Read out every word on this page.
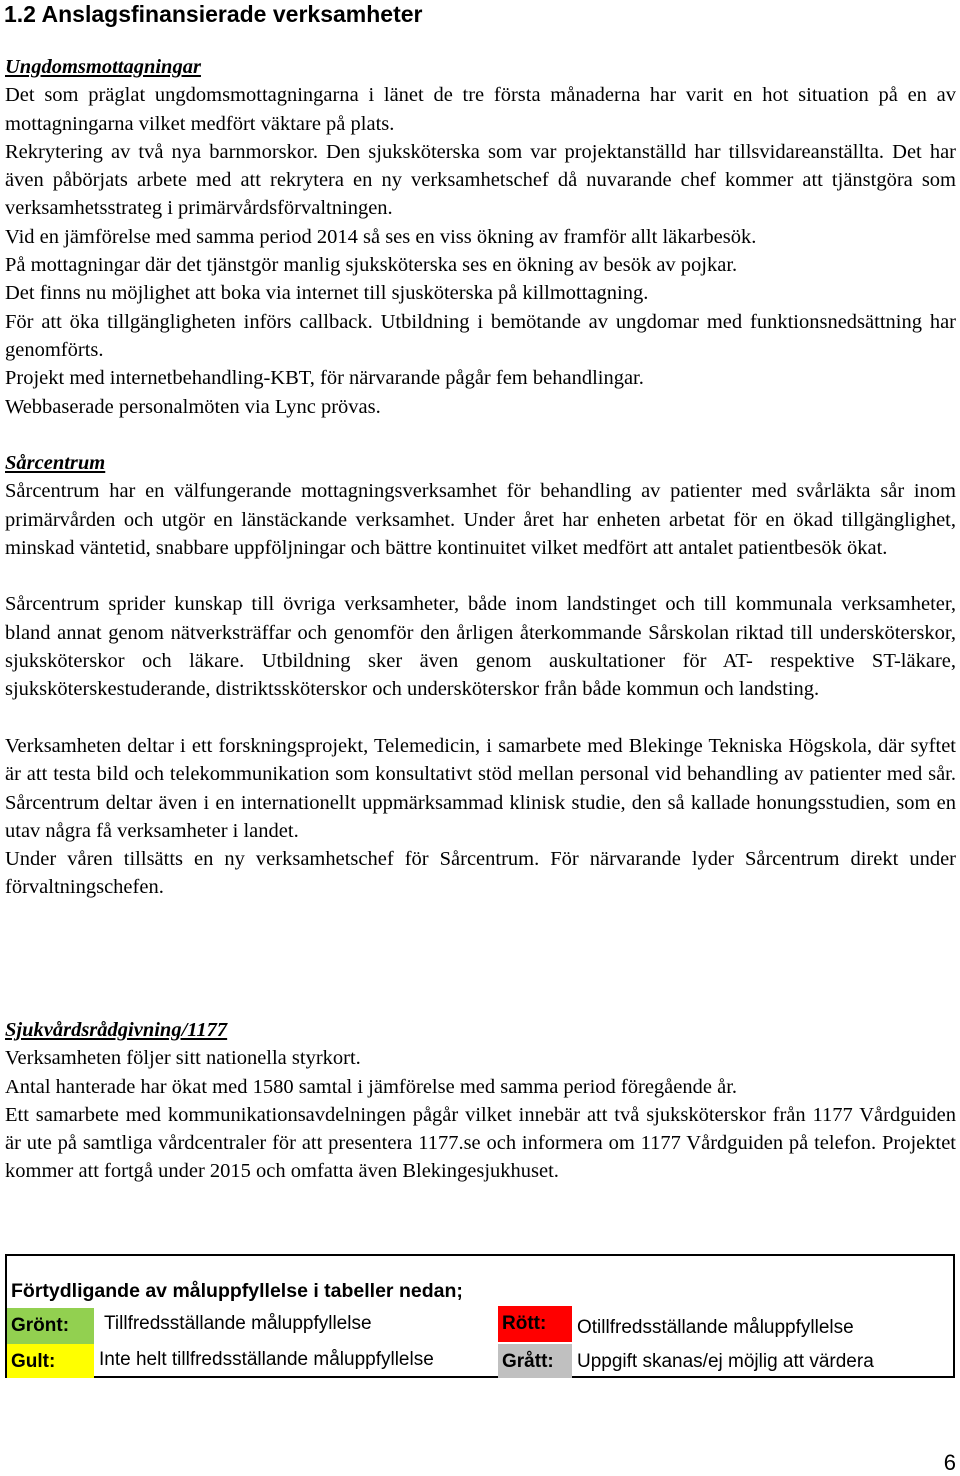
1.2 Anslagsfinansierade verksamheter
Ungdomsmottagningar

Det som präglat ungdomsmottagningarna i länet de tre första månaderna har varit en hot situation på en av mottagningarna vilket medfört väktare på plats.

Rekrytering av två nya barnmorskor. Den sjuksköterska som var projektanställd har tillsvidareanställta. Det har även påbörjats arbete med att rekrytera en ny verksamhetschef då nuvarande chef kommer att tjänstgöra som verksamhetsstrateg i primärvårdsförvaltningen.

Vid en jämförelse med samma period 2014 så ses en viss ökning av framför allt läkarbesök.

På mottagningar där det tjänstgör manlig sjuksköterska ses en ökning av besök av pojkar.

Det finns nu möjlighet att boka via internet till sjusköterska på killmottagning.

För att öka tillgängligheten införs callback. Utbildning i bemötande av ungdomar med funktionsnedsättning har genomförts.

Projekt med internetbehandling-KBT, för närvarande pågår fem behandlingar.

Webbaserade personalmöten via Lync prövas.

Sårcentrum

Sårcentrum har en välfungerande mottagningsverksamhet för behandling av patienter med svårläkta sår inom primärvården och utgör en länstäckande verksamhet. Under året har enheten arbetat för en ökad tillgänglighet, minskad väntetid, snabbare uppföljningar och bättre kontinuitet vilket medfört att antalet patientbesök ökat.

Sårcentrum sprider kunskap till övriga verksamheter, både inom landstinget och till kommunala verksamheter, bland annat genom nätverksträffar och genomför den årligen återkommande Sårskolan riktad till undersköterskor, sjuksköterskor och läkare. Utbildning sker även genom auskultationer för AT- respektive ST-läkare, sjuksköterskestuderande, distriktssköterskor och undersköterskor från både kommun och landsting.

Verksamheten deltar i ett forskningsprojekt, Telemedicin, i samarbete med Blekinge Tekniska Högskola, där syftet är att testa bild och telekommunikation som konsultativt stöd mellan personal vid behandling av patienter med sår. Sårcentrum deltar även i en internationellt uppmärksammad klinisk studie, den så kallade honungsstudien, som en utav några få verksamheter i landet.

Under våren tillsätts en ny verksamhetschef för Sårcentrum. För närvarande lyder Sårcentrum direkt under förvaltningschefen.

Sjukvårdsrådgivning/1177

Verksamheten följer sitt nationella styrkort.

Antal hanterade har ökat med 1580 samtal i jämförelse med samma period föregående år.

Ett samarbete med kommunikationsavdelningen pågår vilket innebär att två sjuksköterskor från 1177 Vårdguiden är ute på samtliga vårdcentraler för att presentera 1177.se och informera om 1177 Vårdguiden på telefon. Projektet kommer att fortgå under 2015 och omfatta även Blekingesjukhuset.

Förtydligande av måluppfyllelse i tabeller nedan;
Grönt:	Tillfredsställande måluppfyllelse	Rött:	Otillfredsställande måluppfyllelse
Gult:	Inte helt tillfredsställande måluppfyllelse	Grått:	Uppgift skanas/ej möjlig att värdera
6
